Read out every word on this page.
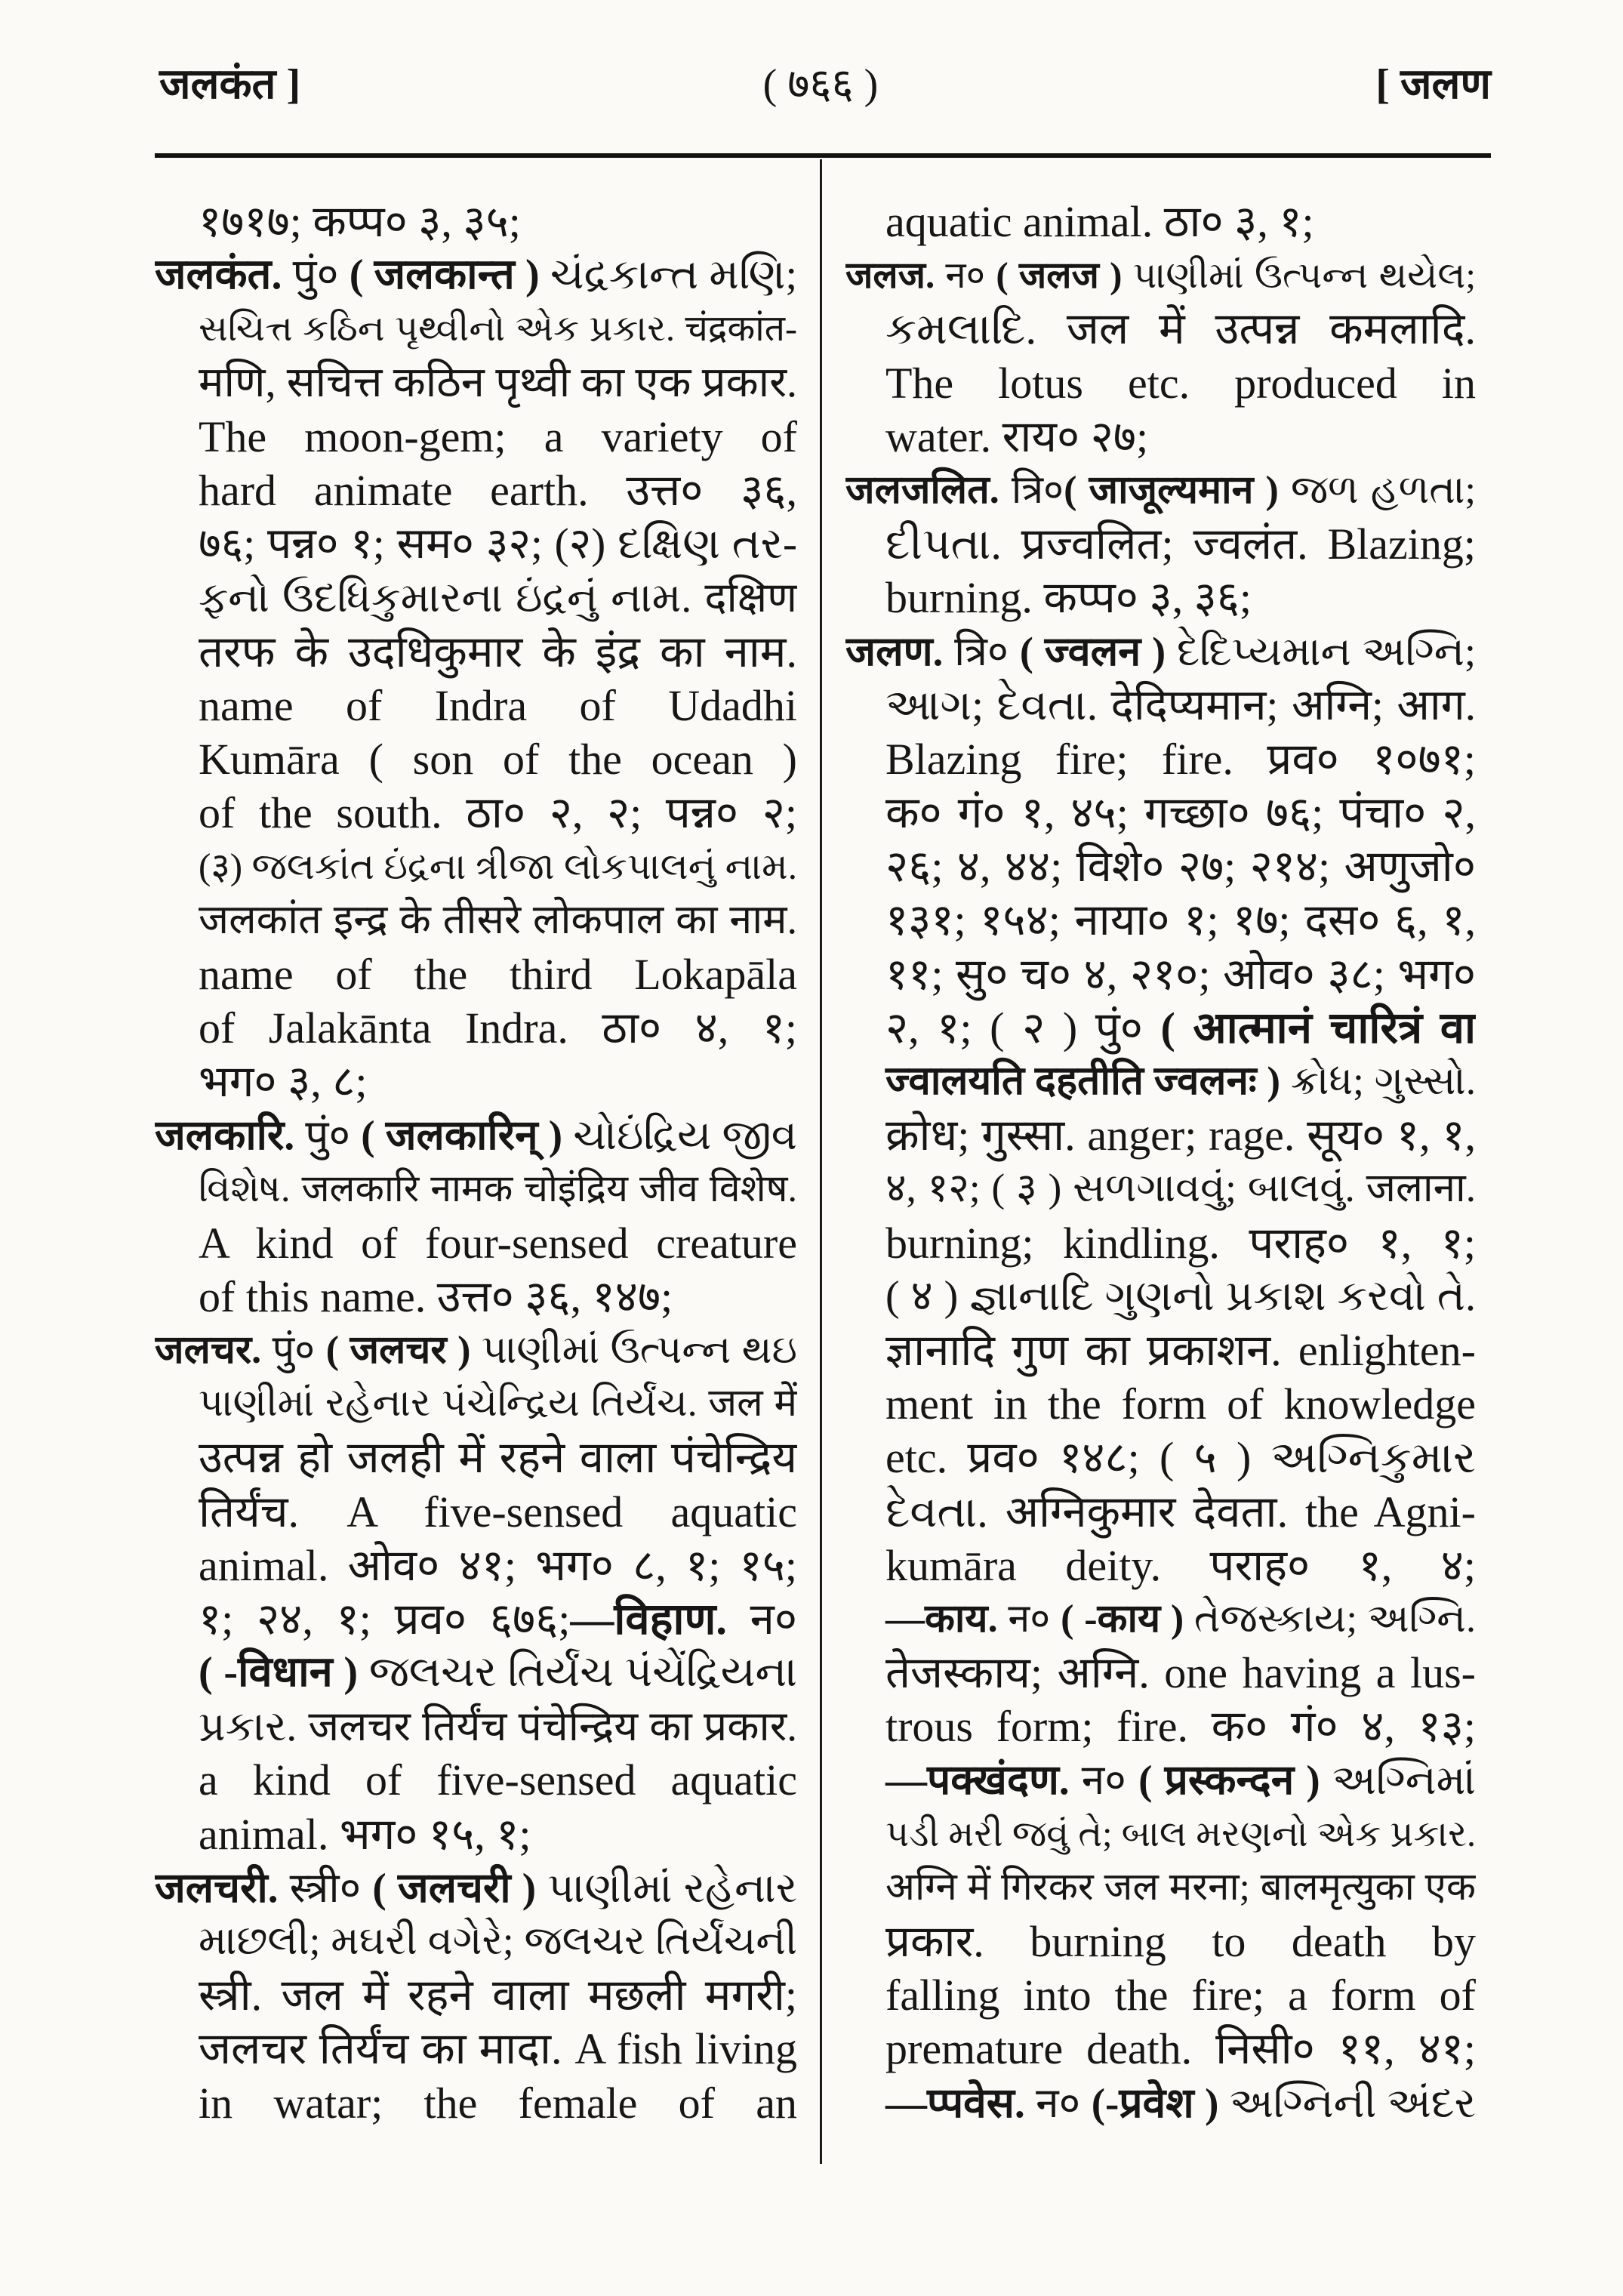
जलकंत ]	( ७६६ )	[ जलण
१७१७; कप्प० ३, ३५;
जलकंत. पुं० ( जलकान्त ) ચંદ્રકાન્ત મણિ;
સચિત્ત કઠિન પૃથ્વીનો એક પ્રકાર. चंद्रकांत-
मणि, सचित्त कठिन पृथ्वी का एक प्रकार.
The moon-gem; a variety of
hard animate earth. उत्त० ३६,
७६; पन्न० १; सम० ३२; (२) દક્ષિણ તર-
ફનો ઉદધિકુમારના ઇંદ્રનું નામ. दक्षिण
तरफ के उदधिकुमार के इंद्र का नाम.
name of Indra of Udadhi
Kumāra ( son of the ocean )
of the south. ठा० २, २; पन्न० २;
(३) જલકાંત ઇંદ્રના ત્રીજા લોકપાલનું નામ.
जलकांत इन्द्र के तीसरे लोकपाल का नाम.
name of the third Lokapāla
of Jalakānta Indra. ठा० ४, १;
भग० ३, ८;
जलकारि. पुं० ( जलकारिन् ) ચોઇંદ્રિય જીવ
વિશેષ. जलकारि नामक चोइंद्रिय जीव विशेष.
A kind of four-sensed creature
of this name. उत्त० ३६, १४७;
जलचर. पुं० ( जलचर ) પાણીમાં ઉત્પન્ન થઇ
પાણીમાં રહેનાર પંચેન્દ્રિય તિર્યંચ. जल में
उत्पन्न हो जलही में रहने वाला पंचेन्द्रिय
तिर्यंच. A five-sensed aquatic
animal. ओव० ४१; भग० ८, १; १५;
१; २४, १; प्रव० ६७६;—विहाण. न०
( -विधान ) જલચર તિર્યંચ પંચેંદ્રિયના
પ્રકાર. जलचर तिर्यंच पंचेन्द्रिय का प्रकार.
a kind of five-sensed aquatic
animal. भग० १५, १;
जलचरी. स्त्री० ( जलचरी ) પાણીમાં રહેનાર
માછલી; મઘરી વગેરે; જલચર તિર્યંચની
स्त्री. जल में रहने वाला मछली मगरी;
जलचर तिर्यंच का मादा. A fish living
in watar; the female of an
aquatic animal. ठा० ३, १;
जलज. न० ( जलज ) પાણીમાં ઉત્પન્ન થયેલ;
કમલાદિ. जल में उत्पन्न कमलादि.
The lotus etc. produced in
water. राय० २७;
जलजलित. त्रि०( जाजूल्यमान ) જળ હળતા;
દીપતા. प्रज्वलित; ज्वलंत. Blazing;
burning. कप्प० ३, ३६;
जलण. त्रि० ( ज्वलन ) દેદિપ્યમાન અગ્નિ;
આગ; દેવતા. देदिप्यमान; अग्नि; आग.
Blazing fire; fire. प्रव० १०७१;
क० गं० १, ४५; गच्छा० ७६; पंचा० २,
२६; ४, ४४; विशे० २७; २१४; अणुजो०
१३१; १५४; नाया० १; १७; दस० ६, १,
११; सु० च० ४, २१०; ओव० ३८; भग०
२, १; ( २ ) पुं० ( आत्मानं चारित्रं वा
ज्वालयति दहतीति ज्वलनः ) ક્રોધ; ગુસ્સો.
क्रोध; गुस्सा. anger; rage. सूय० १, १,
४, १२; ( ३ ) સળગાવવું; બાલવું. जलाना.
burning; kindling. पराह० १, १;
( ४ ) જ્ઞાનાદિ ગુણનો પ્રકાશ કરવો તે.
ज्ञानादि गुण का प्रकाशन. enlighten-
ment in the form of knowledge
etc. प्रव० १४८; ( ५ ) અગ્નિકુમાર
દેવતા. अग्निकुमार देवता. the Agni-
kumāra deity. पराह० १, ४;
—काय. न० ( -काय ) તેજસ્કાય; અગ્નિ.
तेजस्काय; अग्नि. one having a lus-
trous form; fire. क० गं० ४, १३;
—पक्खंदण. न० ( प्रस्कन्दन ) અગ્નિમાં
પડી મરી જવું તે; બાલ મરણનો એક પ્રકાર.
अग्नि में गिरकर जल मरना; बालमृत्युका एक
प्रकार. burning to death by
falling into the fire; a form of
premature death. निसी० ११, ४१;
—प्पवेस. न० (-प्रवेश ) અગ્નિની અંદર
